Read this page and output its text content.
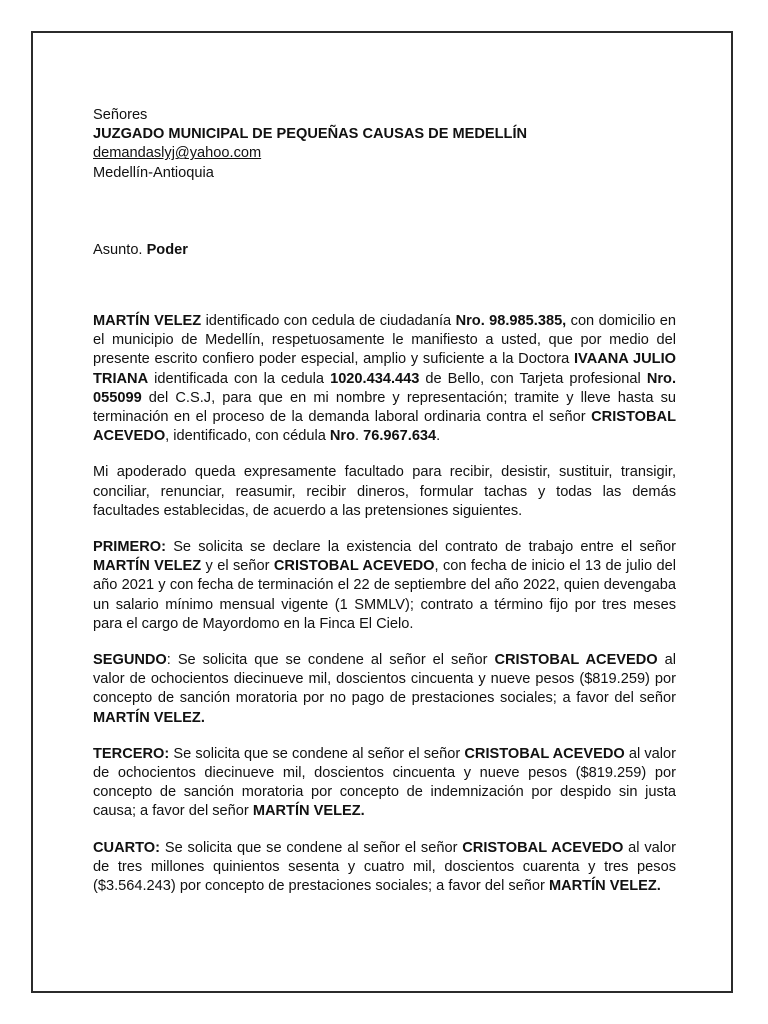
Señores

JUZGADO MUNICIPAL DE PEQUEÑAS CAUSAS DE MEDELLÍN

demandaslyj@yahoo.com

Medellín-Antioquia

Asunto. Poder

MARTÍN VELEZ identificado con cedula de ciudadanía Nro. 98.985.385, con domicilio en el municipio de Medellín, respetuosamente le manifiesto a usted, que por medio del presente escrito confiero poder especial, amplio y suficiente a la Doctora IVAANA JULIO TRIANA identificada con la cedula 1020.434.443 de Bello, con Tarjeta profesional Nro. 055099 del C.S.J, para que en mi nombre y representación; tramite y lleve hasta su terminación en el proceso de la demanda laboral ordinaria contra el señor CRISTOBAL ACEVEDO, identificado, con cédula Nro. 76.967.634.

Mi apoderado queda expresamente facultado para recibir, desistir, sustituir, transigir, conciliar, renunciar, reasumir, recibir dineros, formular tachas y todas las demás facultades establecidas, de acuerdo a las pretensiones siguientes.

PRIMERO: Se solicita se declare la existencia del contrato de trabajo entre el señor MARTÍN VELEZ y el señor CRISTOBAL ACEVEDO, con fecha de inicio el 13 de julio del año 2021 y con fecha de terminación el 22 de septiembre del año 2022, quien devengaba un salario mínimo mensual vigente (1 SMMLV); contrato a término fijo por tres meses para el cargo de Mayordomo en la Finca El Cielo.

SEGUNDO: Se solicita que se condene al señor el señor CRISTOBAL ACEVEDO al valor de ochocientos diecinueve mil, doscientos cincuenta y nueve pesos ($819.259) por concepto de sanción moratoria por no pago de prestaciones sociales; a favor del señor MARTÍN VELEZ.

TERCERO: Se solicita que se condene al señor el señor CRISTOBAL ACEVEDO al valor de ochocientos diecinueve mil, doscientos cincuenta y nueve pesos ($819.259) por concepto de sanción moratoria por concepto de indemnización por despido sin justa causa; a favor del señor MARTÍN VELEZ.

CUARTO: Se solicita que se condene al señor el señor CRISTOBAL ACEVEDO al valor de tres millones quinientos sesenta y cuatro mil, doscientos cuarenta y tres pesos ($3.564.243) por concepto de prestaciones sociales; a favor del señor MARTÍN VELEZ.
